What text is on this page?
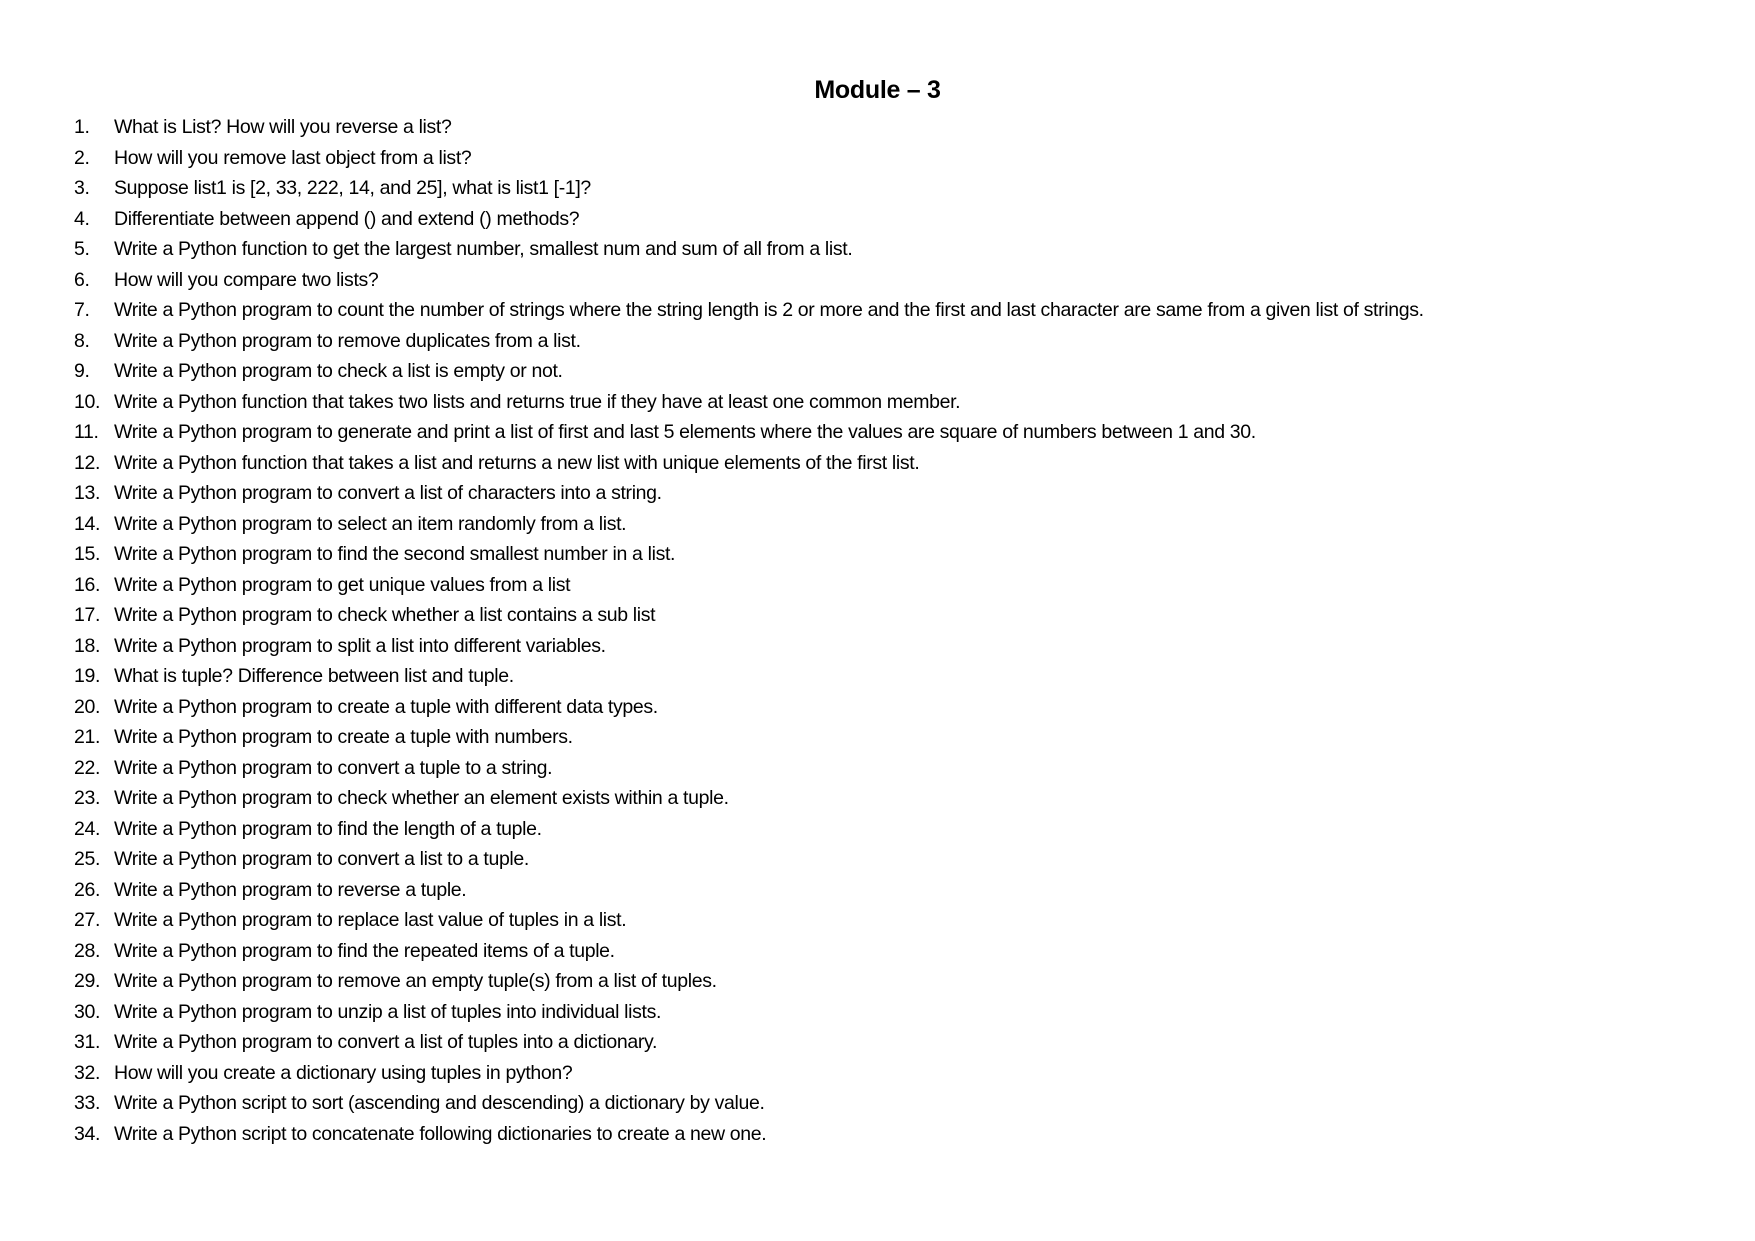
Module – 3
1.	What is List? How will you reverse a list?
2.	How will you remove last object from a list?
3.	Suppose list1 is [2, 33, 222, 14, and 25], what is list1 [-1]?
4.	Differentiate between append () and extend () methods?
5.	Write a Python function to get the largest number, smallest num and sum of all from a list.
6.	How will you compare two lists?
7.	Write a Python program to count the number of strings where the string length is 2 or more and the first and last character are same from a given list of strings.
8.	Write a Python program to remove duplicates from a list.
9.	Write a Python program to check a list is empty or not.
10. Write a Python function that takes two lists and returns true if they have at least one common member.
11. Write a Python program to generate and print a list of first and last 5 elements where the values are square of numbers between 1 and 30.
12. Write a Python function that takes a list and returns a new list with unique elements of the first list.
13. Write a Python program to convert a list of characters into a string.
14. Write a Python program to select an item randomly from a list.
15. Write a Python program to find the second smallest number in a list.
16. Write a Python program to get unique values from a list
17. Write a Python program to check whether a list contains a sub list
18. Write a Python program to split a list into different variables.
19. What is tuple? Difference between list and tuple.
20. Write a Python program to create a tuple with different data types.
21. Write a Python program to create a tuple with numbers.
22. Write a Python program to convert a tuple to a string.
23. Write a Python program to check whether an element exists within a tuple.
24. Write a Python program to find the length of a tuple.
25. Write a Python program to convert a list to a tuple.
26. Write a Python program to reverse a tuple.
27. Write a Python program to replace last value of tuples in a list.
28. Write a Python program to find the repeated items of a tuple.
29. Write a Python program to remove an empty tuple(s) from a list of tuples.
30. Write a Python program to unzip a list of tuples into individual lists.
31. Write a Python program to convert a list of tuples into a dictionary.
32. How will you create a dictionary using tuples in python?
33. Write a Python script to sort (ascending and descending) a dictionary by value.
34. Write a Python script to concatenate following dictionaries to create a new one.
